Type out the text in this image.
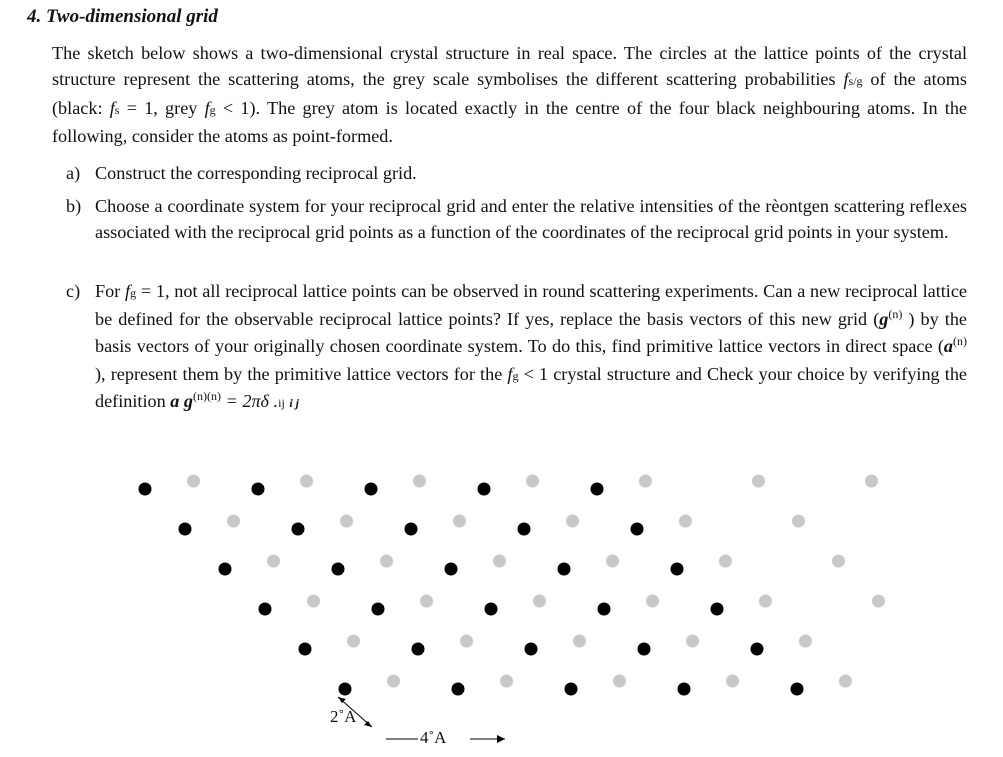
4. Two-dimensional grid

The sketch below shows a two-dimensional crystal structure in real space. The circles at the lattice points of the crystal structure represent the scattering atoms, the grey scale symbolises the different scattering probabilities fs/g of the atoms (black: fs = 1, grey fg < 1). The grey atom is located exactly in the centre of the four black neighbouring atoms. In the following, consider the atoms as point-formed.

a) Construct the corresponding reciprocal grid.
b) Choose a coordinate system for your reciprocal grid and enter the relative intensities of the rèontgen scattering reflexes associated with the reciprocal grid points as a function of the coordinates of the reciprocal grid points in your system.
c) For fg = 1, not all reciprocal lattice points can be observed in round scattering experiments. Can a new reciprocal lattice be defined for the observable reciprocal lattice points? If yes, replace the basis vectors of this new grid ($g^{(n)}$ ) by the basis vectors of your originally chosen coordinate system. To do this, find primitive lattice vectors in direct space ($a^{(n)}$ ), represent them by the primitive lattice vectors for the fg < 1 crystal structure and Check your choice by verifying the definition a $g^{(n)(n)} = 2\pi\delta$ .ij i j
2˚A
4˚A
